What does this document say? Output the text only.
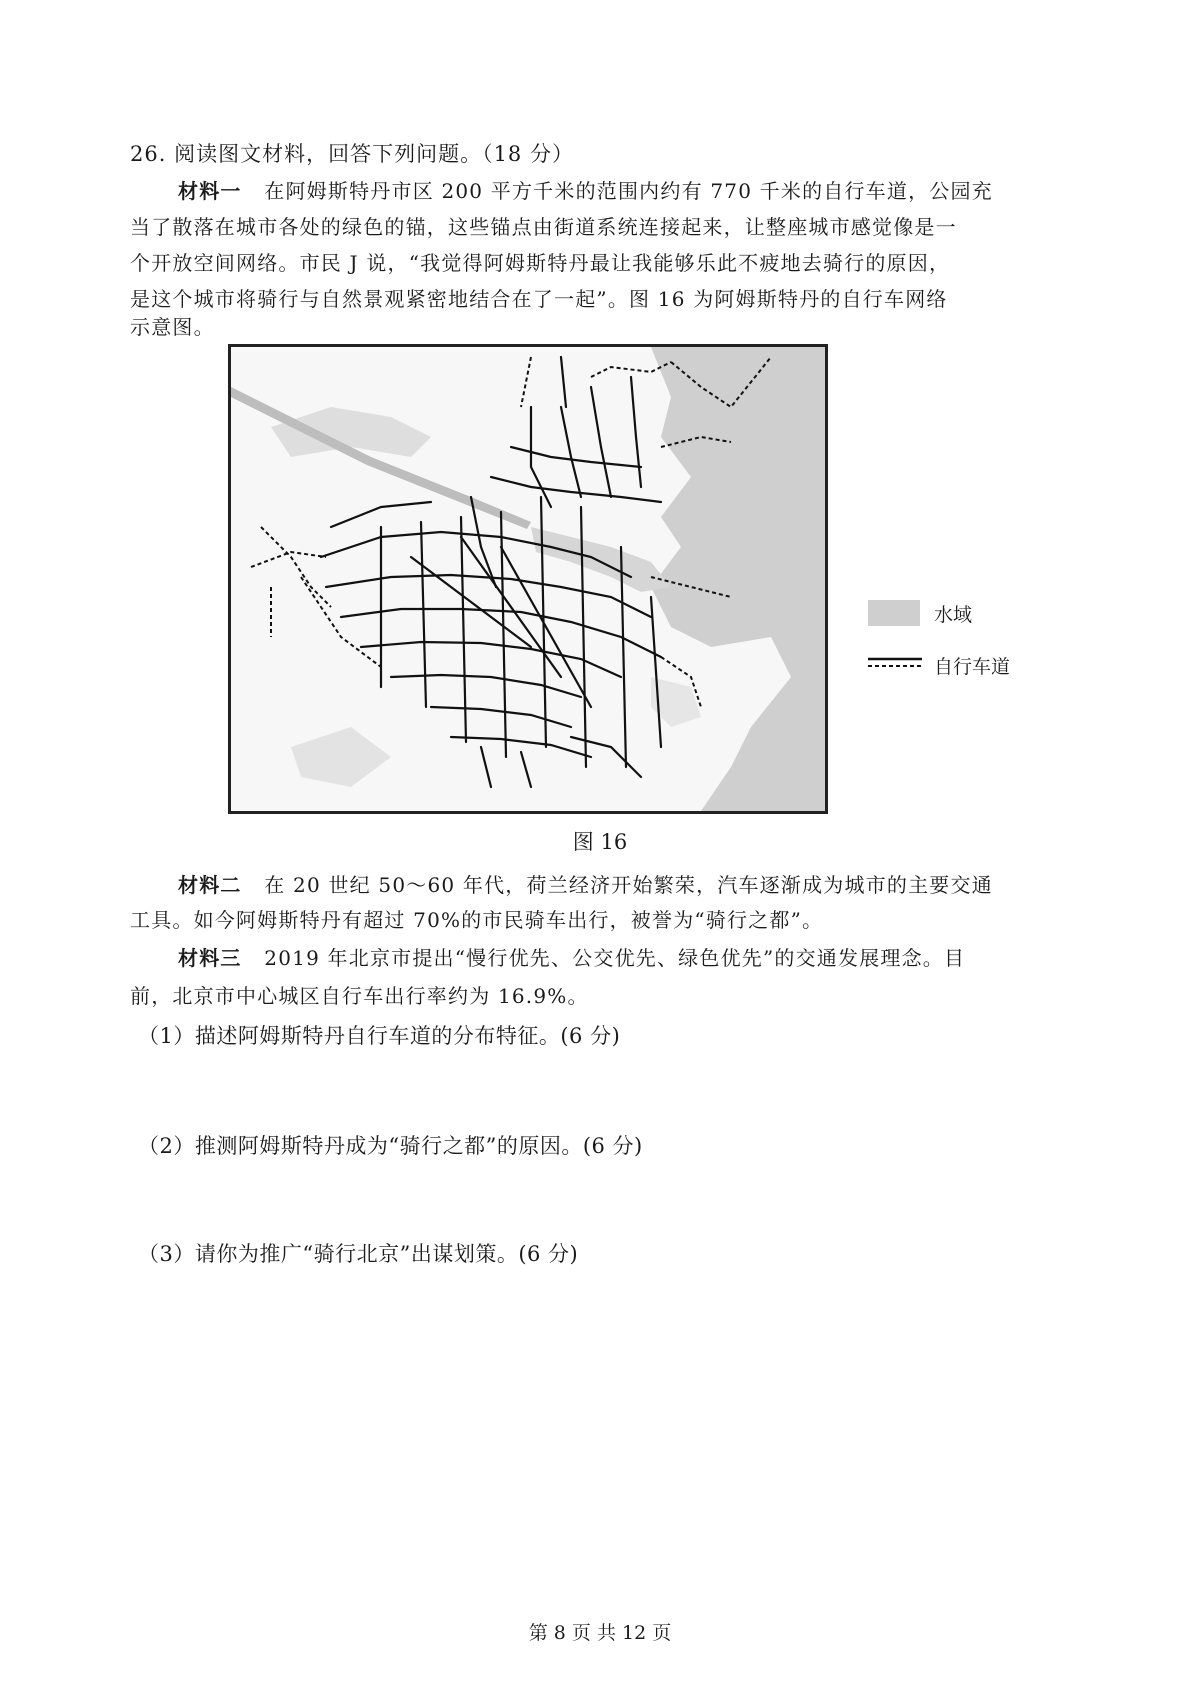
26. 阅读图文材料，回答下列问题。（18 分）
材料一 在阿姆斯特丹市区 200 平方千米的范围内约有 770 千米的自行车道，公园充
当了散落在城市各处的绿色的锚，这些锚点由街道系统连接起来，让整座城市感觉像是一
个开放空间网络。市民 J 说，“我觉得阿姆斯特丹最让我能够乐此不疲地去骑行的原因，
是这个城市将骑行与自然景观紧密地结合在了一起”。图 16 为阿姆斯特丹的自行车网络
水域
自行车道
图 16
材料二 在 20 世纪 50～60 年代，荷兰经济开始繁荣，汽车逐渐成为城市的主要交通
工具。如今阿姆斯特丹有超过 70%的市民骑车出行，被誉为“骑行之都”。
材料三 2019 年北京市提出“慢行优先、公交优先、绿色优先”的交通发展理念。目
前，北京市中心城区自行车出行率约为 16.9%。
（1）描述阿姆斯特丹自行车道的分布特征。(6 分)
（2）推测阿姆斯特丹成为“骑行之都”的原因。(6 分)
（3）请你为推广“骑行北京”出谋划策。(6 分)
第 8 页 共 12 页
示意图。
